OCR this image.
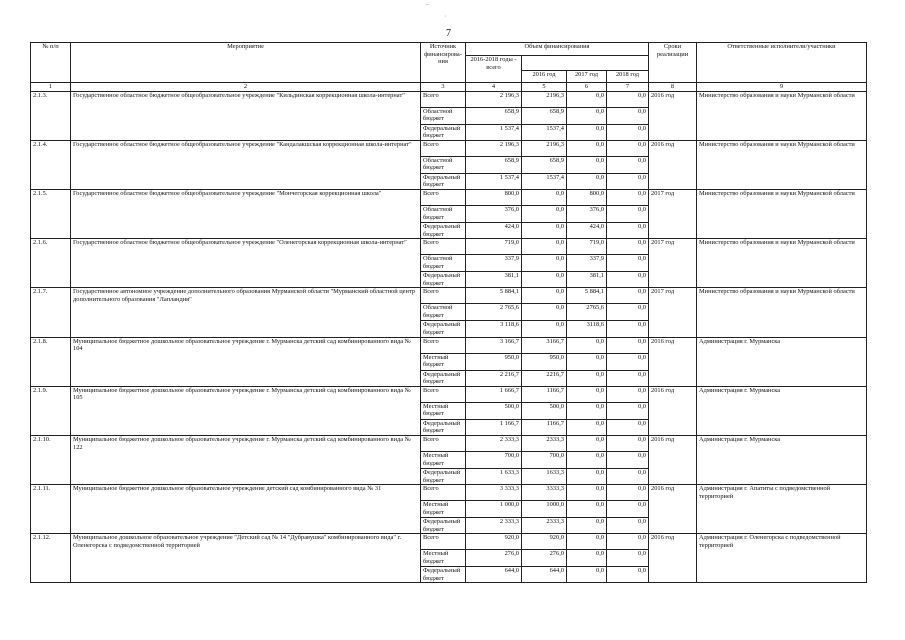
7
№ п/п	Мероприятие	Источник финансирова-ния	Объем финансирования				Сроки реализации	Ответственные исполнители/участники
			2016-2018 годы - всего					
				2016 год	2017 год	2018 год		
1	2	3	4	5	6	7	8	9
2.1.3.	Государственное областное бюджетное общеобразовательное учреждение "Кильдинская коррекционная школа-интернат"	Всего	2 196,3	2196,3	0,0	0,0	2016 год	Министерство образования и науки Мурманской области
		Областной бюджет	658,9	658,9	0,0	0,0		
		Федеральный бюджет	1 537,4	1537,4	0,0	0,0		
2.1.4.	Государственное областное бюджетное общеобразовательное учреждение "Кандалакшская коррекционная школа-интернат"	Всего	2 196,3	2196,3	0,0	0,0	2016 год	Министерство образования и науки Мурманской области
		Областной бюджет	658,9	658,9	0,0	0,0		
		Федеральный бюджет	1 537,4	1537,4	0,0	0,0		
2.1.5.	Государственное областное бюджетное общеобразовательное учреждение "Мончегорская коррекционная школа"	Всего	800,0	0,0	800,0	0,0	2017 год	Министерство образования и науки Мурманской области
		Областной бюджет	376,0	0,0	376,0	0,0		
		Федеральный бюджет	424,0	0,0	424,0	0,0		
2.1.6.	Государственное областное бюджетное общеобразовательное учреждение "Оленегорская коррекционная школа-интернат"	Всего	719,0	0,0	719,0	0,0	2017 год	Министерство образования и науки Мурманской области
		Областной бюджет	337,9	0,0	337,9	0,0		
		Федеральный бюджет	381,1	0,0	381,1	0,0		
2.1.7.	Государственное автономное учреждение дополнительного образования Мурманской области "Мурманский областной центр дополнительного образования "Лапландия"	Всего	5 884,1	0,0	5 884,1	0,0	2017 год	Министерство образования и науки Мурманской области
		Областной бюджет	2 765,6	0,0	2765,6	0,0		
		Федеральный бюджет	3 118,6	0,0	3118,6	0,0		
2.1.8.	Муниципальное бюджетное дошкольное образовательное учреждение г. Мурманска детский сад комбинированного вида № 104	Всего	3 166,7	3166,7	0,0	0,0	2016 год	Администрация г. Мурманска
		Местный бюджет	950,0	950,0	0,0	0,0		
		Федеральный бюджет	2 216,7	2216,7	0,0	0,0		
2.1.9.	Муниципальное бюджетное дошкольное образовательное учреждение г. Мурманска детский сад комбинированного вида № 105	Всего	1 666,7	1166,7	0,0	0,0	2016 год	Администрация г. Мурманска
		Местный бюджет	500,0	500,0	0,0	0,0		
		Федеральный бюджет	1 166,7	1166,7	0,0	0,0		
2.1.10.	Муниципальное бюджетное дошкольное образовательное учреждение г. Мурманска детский сад комбинированного вида № 122	Всего	2 333,3	2333,3	0,0	0,0	2016 год	Администрация г. Мурманска
		Местный бюджет	700,0	700,0	0,0	0,0		
		Федеральный бюджет	1 633,3	1633,3	0,0	0,0		
2.1.11.	Муниципальное бюджетное дошкольное образовательное учреждение детский сад комбинированного вида № 31	Всего	3 333,3	3333,3	0,0	0,0	2016 год	Администрация г. Апатиты с подведомственной территорией
		Местный бюджет	1 000,0	1000,0	0,0	0,0		
		Федеральный бюджет	2 333,3	2333,3	0,0	0,0		
2.1.12.	Муниципальное дошкольное образовательное учреждение "Детский сад № 14 "Дубравушка" комбинированного вида" г. Оленегорска с подведомственной территорией	Всего	920,0	920,0	0,0	0,0	2016 год	Администрация г. Оленегорска с подведомственной территорией
		Местный бюджет	276,0	276,0	0,0	0,0		
		Федеральный бюджет	644,0	644,0	0,0	0,0		
ˉ
˙
